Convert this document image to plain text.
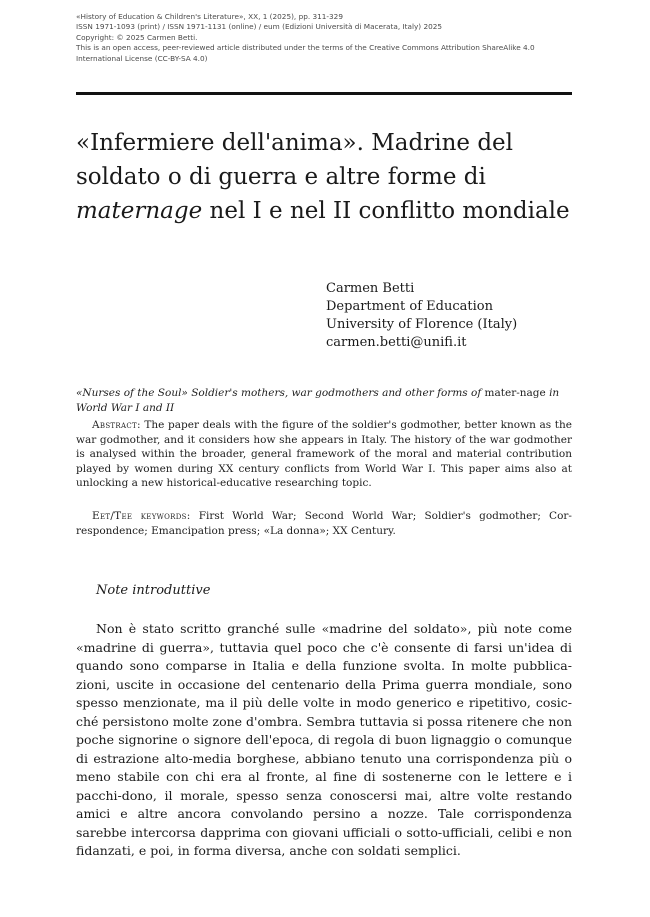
«History of Education & Children's Literature», XX, 1 (2025), pp. 311-329
ISSN 1971-1093 (print) / ISSN 1971-1131 (online) / eum (Edizioni Università di Macerata, Italy) 2025
Copyright: © 2025 Carmen Betti.
This is an open access, peer-reviewed article distributed under the terms of the Creative Commons Attribution ShareAlike 4.0
International License (CC-BY-SA 4.0)
«Infermiere dell'anima». Madrine del
soldato o di guerra e altre forme di
maternage nel I e nel II conflitto mondiale
Carmen Betti
Department of Education
University of Florence (Italy)
carmen.betti@unifi.it
«Nurses of the Soul» Soldier's mothers, war godmothers and other forms of mater-nage in World War I and II
Abstract: The paper deals with the figure of the soldier's godmother, better known as the war godmother, and it considers how she appears in Italy. The history of the war godmother is analysed within the broader, general framework of the moral and material contribution played by women during XX century conflicts from World War I. This paper aims also at unlocking a new historical-educative researching topic.
Eet/Tee keywords: First World War; Second World War; Soldier's godmother; Cor-respondence; Emancipation press; «La donna»; XX Century.
Note introduttive

Non è stato scritto granché sulle «madrine del soldato», più note come «madrine di guerra», tuttavia quel poco che c'è consente di farsi un'idea di quando sono comparse in Italia e della funzione svolta. In molte pubblica-zioni, uscite in occasione del centenario della Prima guerra mondiale, sono spesso menzionate, ma il più delle volte in modo generico e ripetitivo, cosic-ché persistono molte zone d'ombra. Sembra tuttavia si possa ritenere che non poche signorine o signore dell'epoca, di regola di buon lignaggio o comunque di estrazione alto-media borghese, abbiano tenuto una corrispondenza più o meno stabile con chi era al fronte, al fine di sostenerne con le lettere e i pacchi-dono, il morale, spesso senza conoscersi mai, altre volte restando amici e altre ancora convolando persino a nozze. Tale corrispondenza sarebbe intercorsa dapprima con giovani ufficiali o sotto-ufficiali, celibi e non fidanzati, e poi, in forma diversa, anche con soldati semplici.
